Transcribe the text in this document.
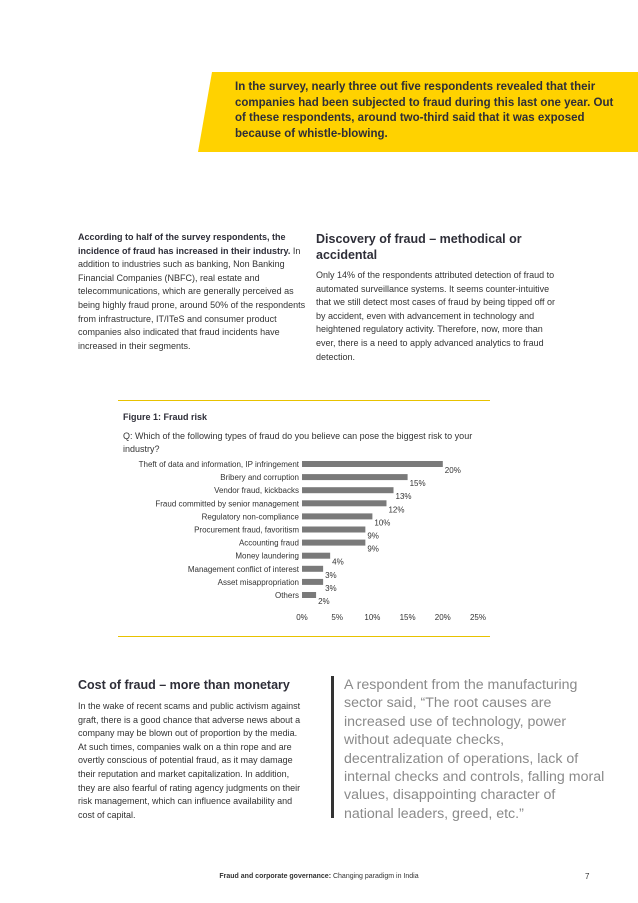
In the survey, nearly three out five respondents revealed that their companies had been subjected to fraud during this last one year. Out of these respondents, around two-third said that it was exposed because of whistle-blowing.
According to half of the survey respondents, the incidence of fraud has increased in their industry. In addition to industries such as banking, Non Banking Financial Companies (NBFC), real estate and telecommunications, which are generally perceived as being highly fraud prone, around 50% of the respondents from infrastructure, IT/ITeS and consumer product companies also indicated that fraud incidents have increased in their segments.
Discovery of fraud – methodical or accidental
Only 14% of the respondents attributed detection of fraud to automated surveillance systems. It seems counter-intuitive that we still detect most cases of fraud by being tipped off or by accident, even with advancement in technology and heightened regulatory activity. Therefore, now, more than ever, there is a need to apply advanced analytics to fraud detection.
Figure 1: Fraud risk
Q: Which of the following types of fraud do you believe can pose the biggest risk to your industry?
Theft of data and information, IP infringement
20%
Bribery and corruption
15%
Vendor fraud, kickbacks
13%
Fraud committed by senior management
12%
Regulatory non-compliance
10%
Procurement fraud, favoritism
9%
Accounting fraud
9%
Money laundering
4%
Management conflict of interest
3%
Asset misappropriation
3%
Others
2%
0%	5%	10% 15% 20% 25%
Cost of fraud – more than monetary
In the wake of recent scams and public activism against graft, there is a good chance that adverse news about a company may be blown out of proportion by the media. At such times, companies walk on a thin rope and are overtly conscious of potential fraud, as it may damage their reputation and market capitalization. In addition, they are also fearful of rating agency judgments on their risk management, which can influence availability and cost of capital.
A respondent from the manufacturing sector said, “The root causes are increased use of technology, power without adequate checks, decentralization of operations, lack of internal checks and controls, falling moral values, disappointing character of national leaders, greed, etc.”
Fraud and corporate governance: Changing paradigm in India	7
